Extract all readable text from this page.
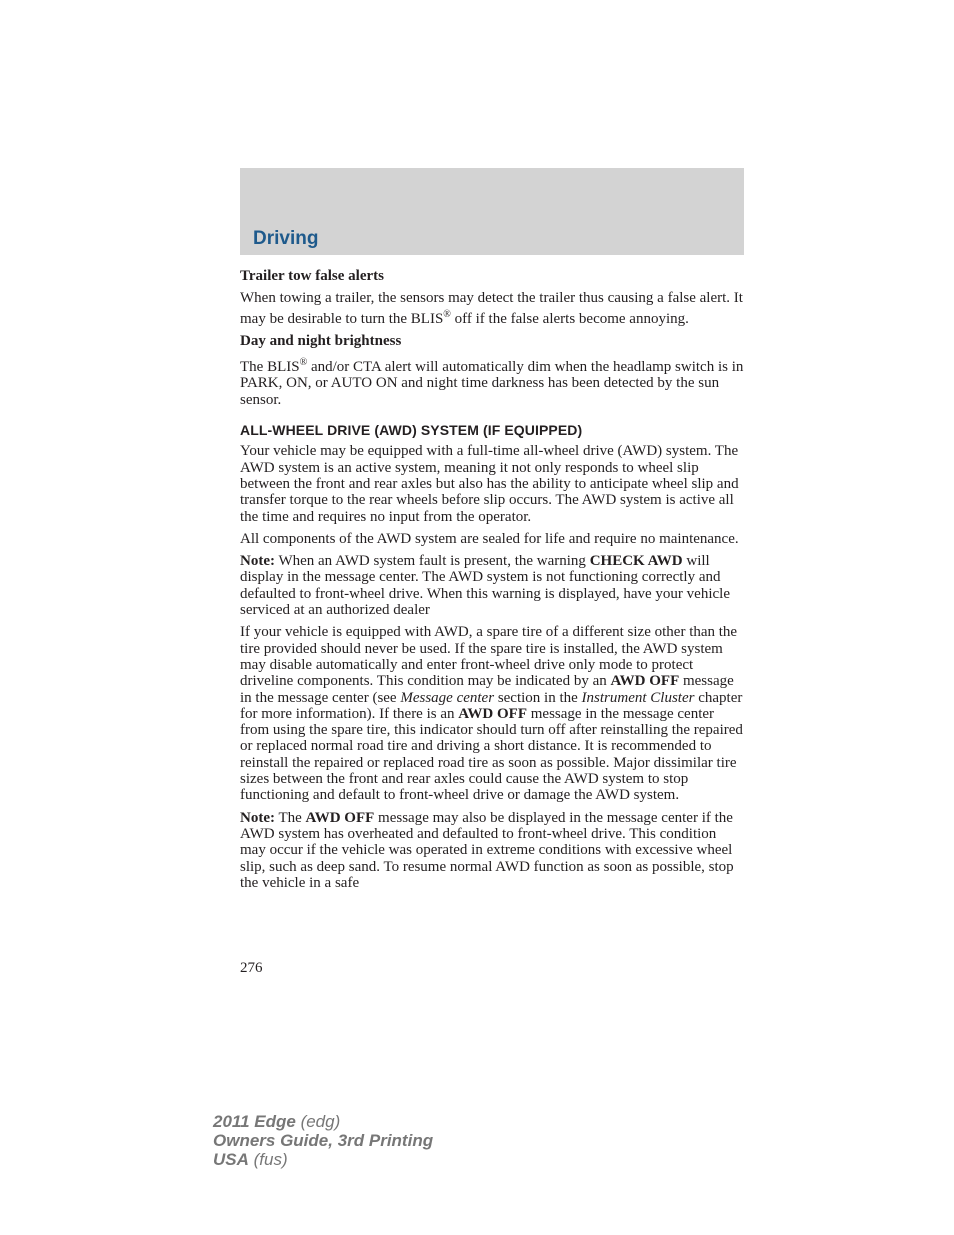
Driving

Trailer tow false alerts

When towing a trailer, the sensors may detect the trailer thus causing a false alert. It may be desirable to turn the BLIS® off if the false alerts become annoying.

Day and night brightness

The BLIS® and/or CTA alert will automatically dim when the headlamp switch is in PARK, ON, or AUTO ON and night time darkness has been detected by the sun sensor.

ALL-WHEEL DRIVE (AWD) SYSTEM (IF EQUIPPED)

Your vehicle may be equipped with a full-time all-wheel drive (AWD) system. The AWD system is an active system, meaning it not only responds to wheel slip between the front and rear axles but also has the ability to anticipate wheel slip and transfer torque to the rear wheels before slip occurs. The AWD system is active all the time and requires no input from the operator.

All components of the AWD system are sealed for life and require no maintenance.

Note: When an AWD system fault is present, the warning CHECK AWD will display in the message center. The AWD system is not functioning correctly and defaulted to front-wheel drive. When this warning is displayed, have your vehicle serviced at an authorized dealer

If your vehicle is equipped with AWD, a spare tire of a different size other than the tire provided should never be used. If the spare tire is installed, the AWD system may disable automatically and enter front-wheel drive only mode to protect driveline components. This condition may be indicated by an AWD OFF message in the message center (see Message center section in the Instrument Cluster chapter for more information). If there is an AWD OFF message in the message center from using the spare tire, this indicator should turn off after reinstalling the repaired or replaced normal road tire and driving a short distance. It is recommended to reinstall the repaired or replaced road tire as soon as possible. Major dissimilar tire sizes between the front and rear axles could cause the AWD system to stop functioning and default to front-wheel drive or damage the AWD system.

Note: The AWD OFF message may also be displayed in the message center if the AWD system has overheated and defaulted to front-wheel drive. This condition may occur if the vehicle was operated in extreme conditions with excessive wheel slip, such as deep sand. To resume normal AWD function as soon as possible, stop the vehicle in a safe

276
2011 Edge (edg)
Owners Guide, 3rd Printing
USA (fus)
